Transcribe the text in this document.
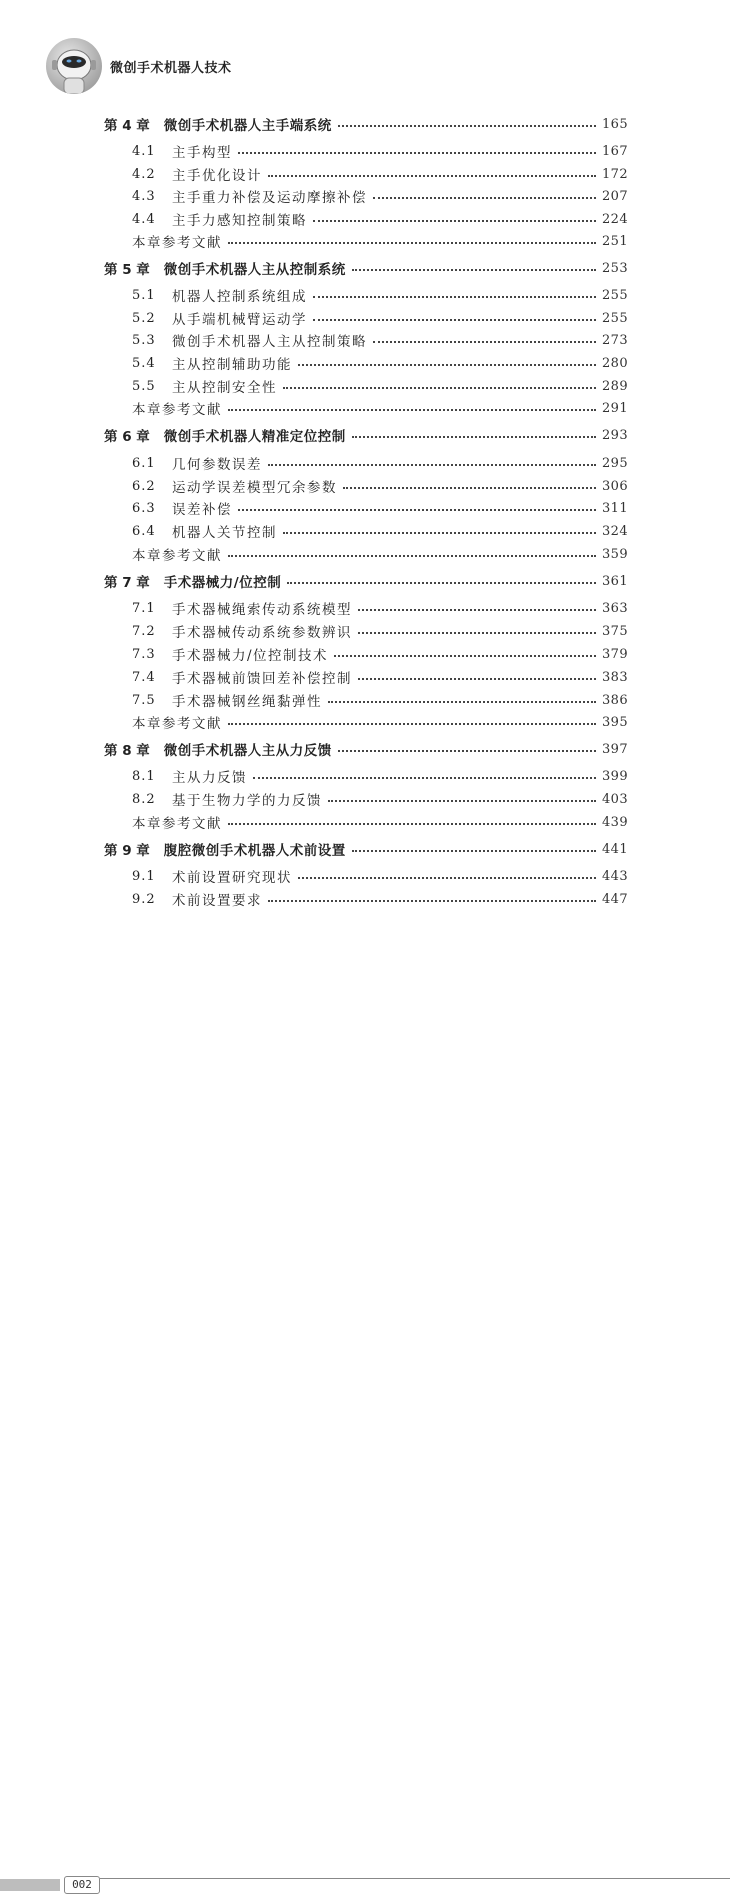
微创手术机器人技术
第 4 章 微创手术机器人主手端系统	165
4.1	主手构型	167
4.2	主手优化设计	172
4.3	主手重力补偿及运动摩擦补偿	207
4.4	主手力感知控制策略	224
本章参考文献	251
第 5 章 微创手术机器人主从控制系统	253
5.1	机器人控制系统组成	255
5.2	从手端机械臂运动学	255
5.3	微创手术机器人主从控制策略	273
5.4	主从控制辅助功能	280
5.5	主从控制安全性	289
本章参考文献	291
第 6 章 微创手术机器人精准定位控制	293
6.1	几何参数误差	295
6.2	运动学误差模型冗余参数	306
6.3	误差补偿	311
6.4	机器人关节控制	324
本章参考文献	359
第 7 章 手术器械力/位控制	361
7.1	手术器械绳索传动系统模型	363
7.2	手术器械传动系统参数辨识	375
7.3	手术器械力/位控制技术	379
7.4	手术器械前馈回差补偿控制	383
7.5	手术器械钢丝绳黏弹性	386
本章参考文献	395
第 8 章 微创手术机器人主从力反馈	397
8.1	主从力反馈	399
8.2	基于生物力学的力反馈	403
本章参考文献	439
第 9 章 腹腔微创手术机器人术前设置	441
9.1	术前设置研究现状	443
9.2	术前设置要求	447
002
